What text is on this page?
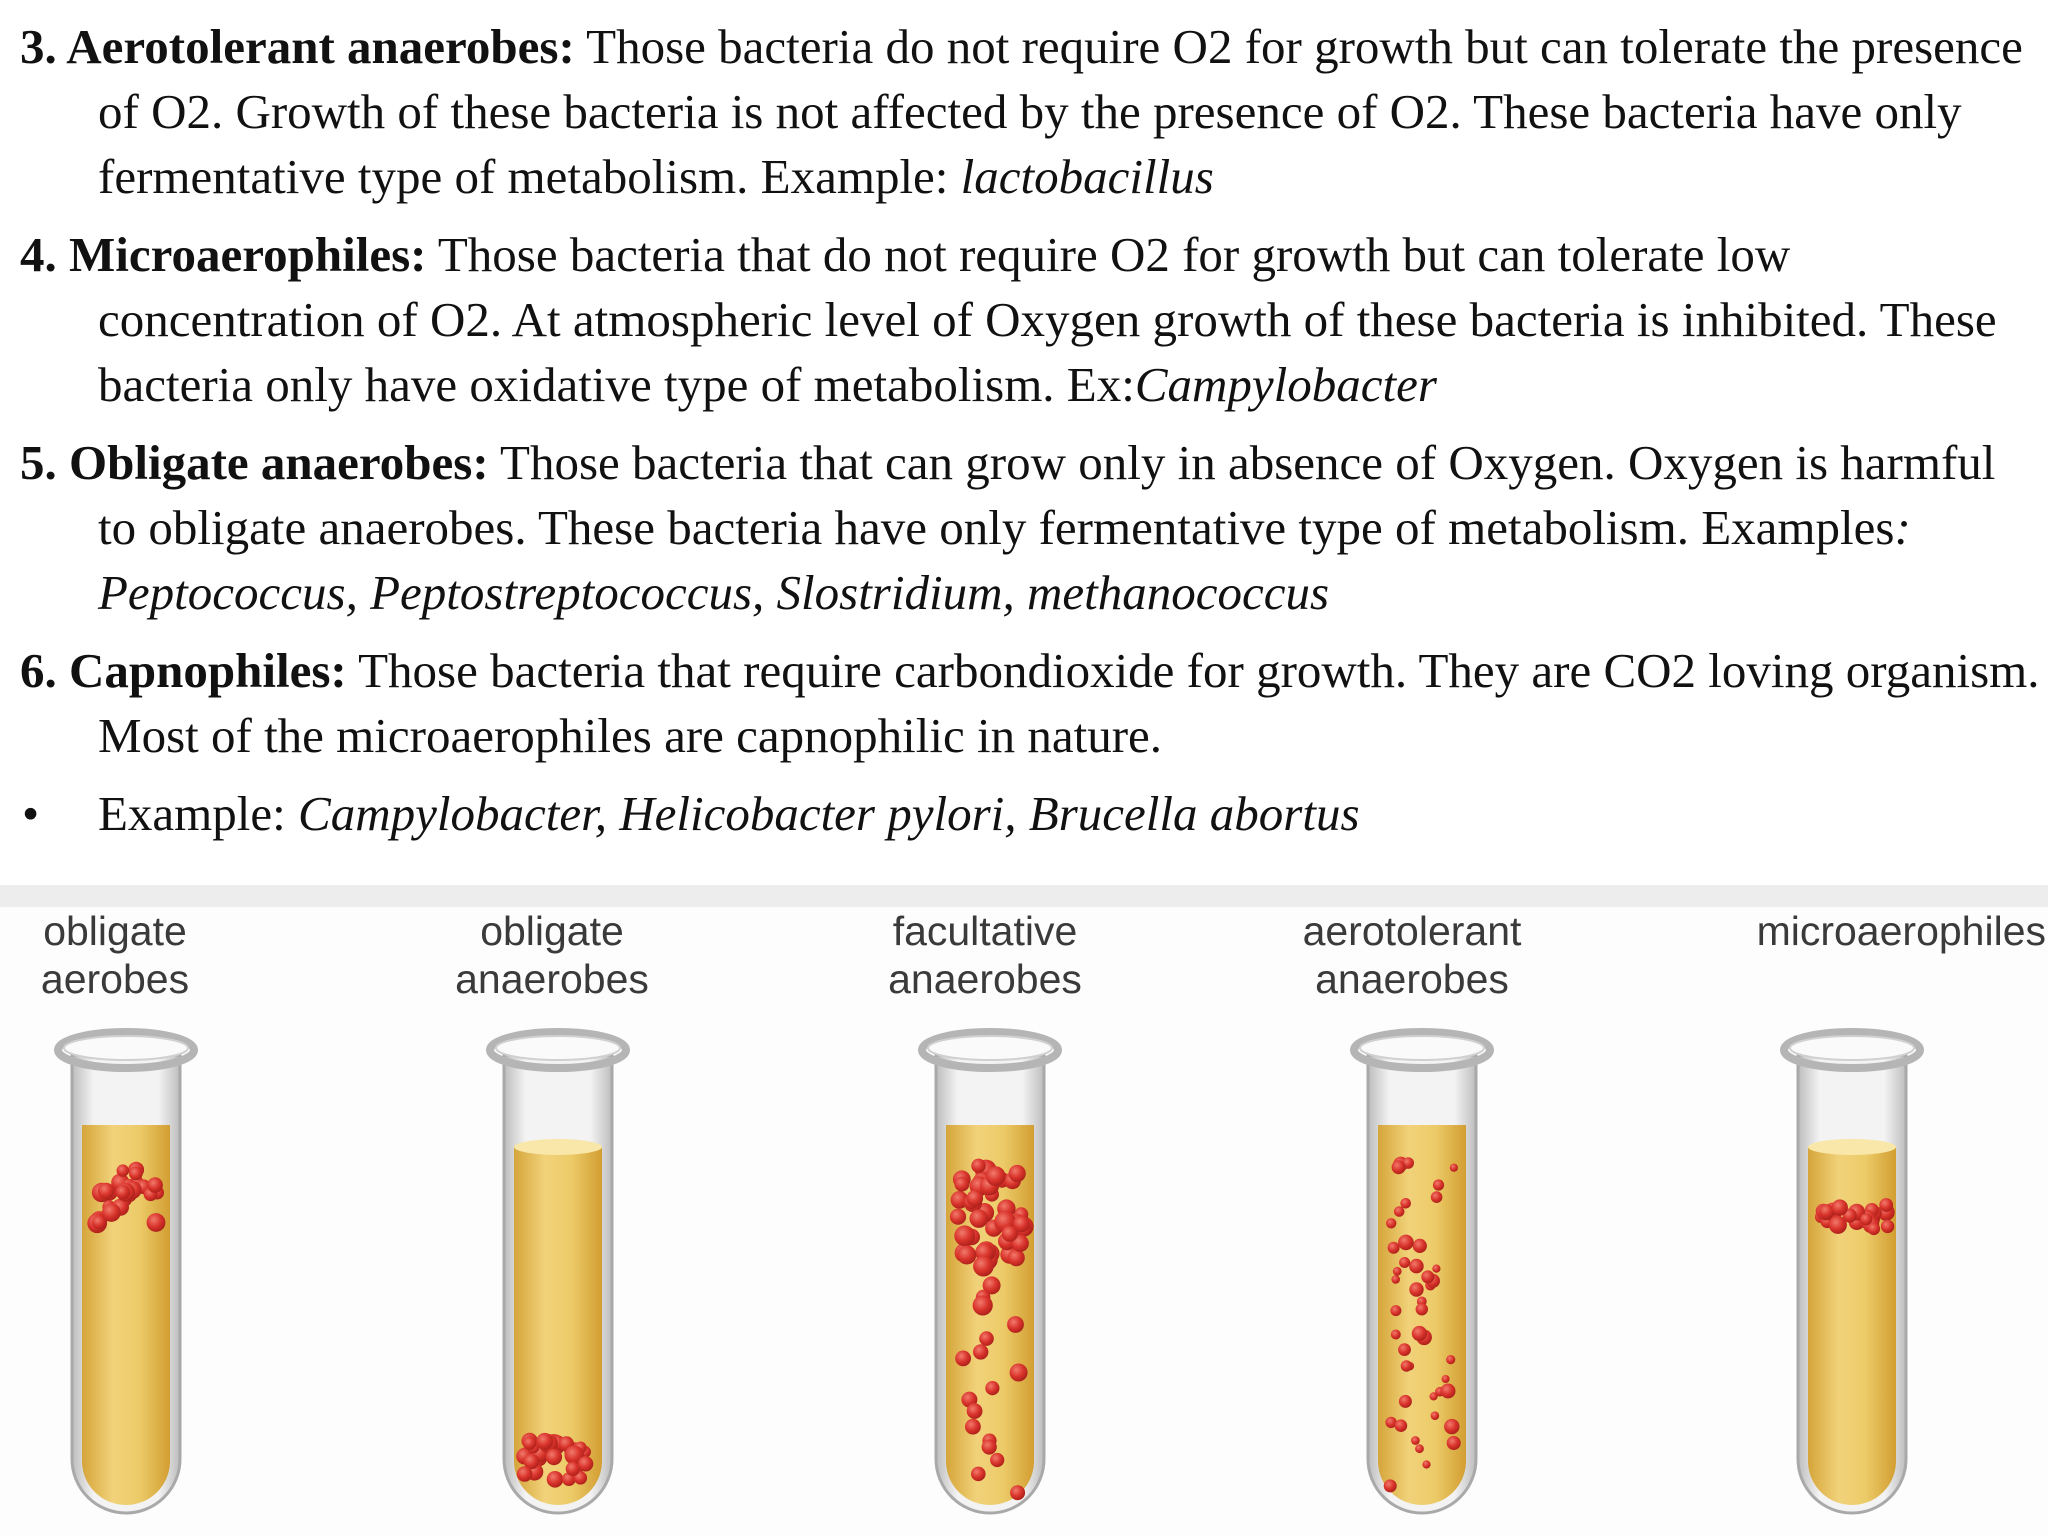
3. Aerotolerant anaerobes: Those bacteria do not require O2 for growth but can tolerate the presence of O2. Growth of these bacteria is not affected by the presence of O2. These bacteria have only fermentative type of metabolism. Example: lactobacillus
4. Microaerophiles: Those bacteria that do not require O2 for growth but can tolerate low concentration of O2. At atmospheric level of Oxygen growth of these bacteria is inhibited. These bacteria only have oxidative type of metabolism. Ex:Campylobacter
5. Obligate anaerobes: Those bacteria that can grow only in absence of Oxygen. Oxygen is harmful to obligate anaerobes. These bacteria have only fermentative type of metabolism. Examples: Peptococcus, Peptostreptococcus, Slostridium, methanococcus
6. Capnophiles: Those bacteria that require carbondioxide for growth. They are CO2 loving organism. Most of the microaerophiles are capnophilic in nature.
• Example: Campylobacter, Helicobacter pylori, Brucella abortus
obligate
aerobes
obligate
anaerobes
facultative
anaerobes
aerotolerant
anaerobes
microaerophiles
